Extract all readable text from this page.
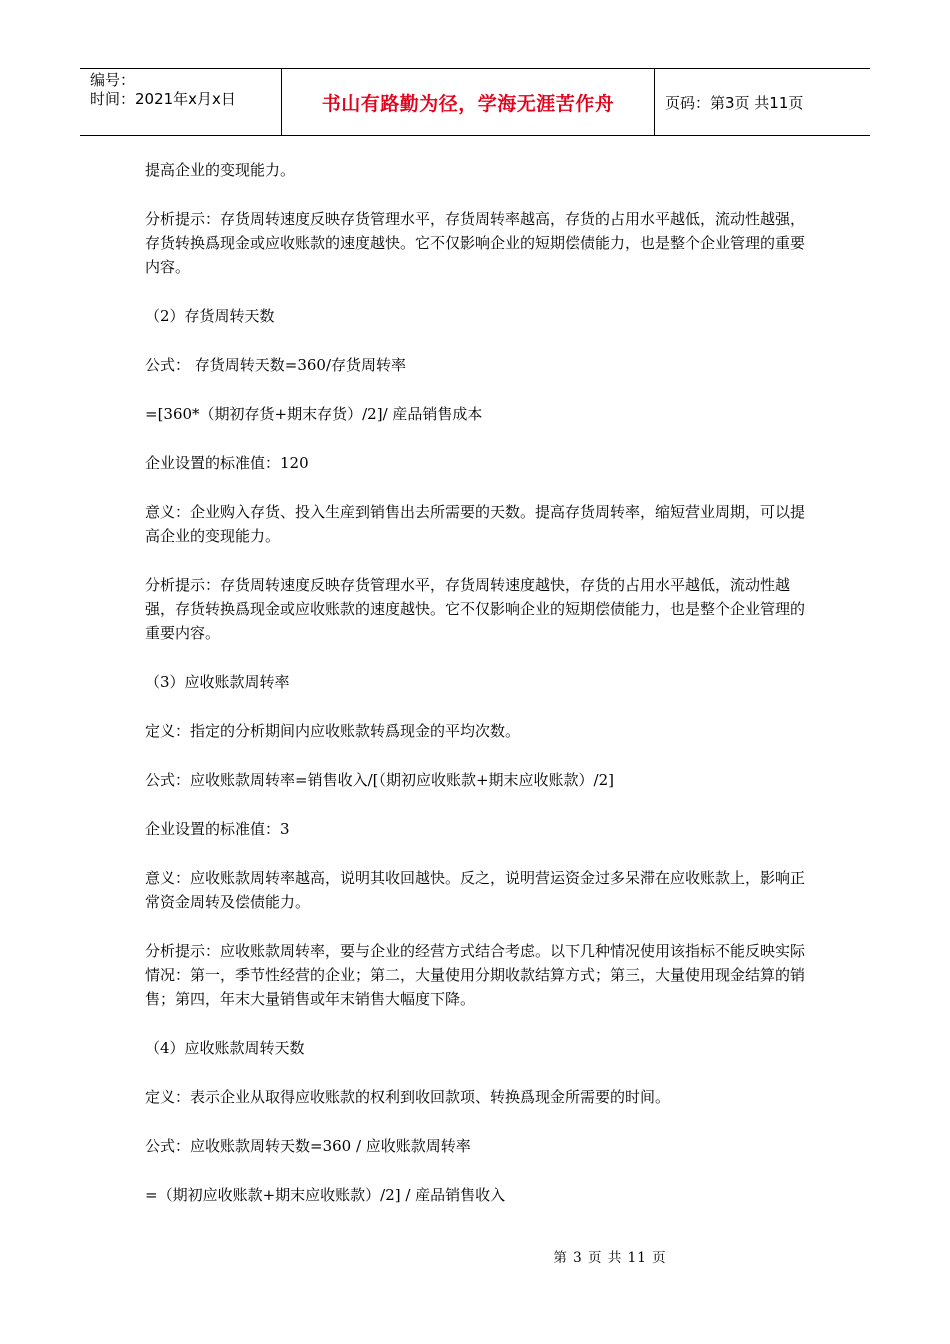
编号：
时间：2021年x月x日	书山有路勤为径，学海无涯苦作舟	页码：第3页 共11页

提高企业的变现能力。

分析提示：存货周转速度反映存货管理水平，存货周转率越高，存货的占用水平越低，流动性越强，存货转换爲现金或应收账款的速度越快。它不仅影响企业的短期偿债能力，也是整个企业管理的重要内容。

（2）存货周转天数

公式： 存货周转天数=360/存货周转率

=[360*（期初存货+期末存货）/2]/ 産品销售成本

企业设置的标准值：120

意义：企业购入存货、投入生産到销售出去所需要的天数。提高存货周转率，缩短营业周期，可以提高企业的变现能力。

分析提示：存货周转速度反映存货管理水平，存货周转速度越快，存货的占用水平越低，流动性越强，存货转换爲现金或应收账款的速度越快。它不仅影响企业的短期偿债能力，也是整个企业管理的重要内容。

（3）应收账款周转率

定义：指定的分析期间内应收账款转爲现金的平均次数。

公式：应收账款周转率=销售收入/[（期初应收账款+期末应收账款）/2]

企业设置的标准值：3

意义：应收账款周转率越高，说明其收回越快。反之，说明营运资金过多呆滞在应收账款上，影响正常资金周转及偿债能力。

分析提示：应收账款周转率，要与企业的经营方式结合考虑。以下几种情况使用该指标不能反映实际情况：第一，季节性经营的企业；第二，大量使用分期收款结算方式；第三，大量使用现金结算的销售；第四，年末大量销售或年末销售大幅度下降。

（4）应收账款周转天数

定义：表示企业从取得应收账款的权利到收回款项、转换爲现金所需要的时间。

公式：应收账款周转天数=360 / 应收账款周转率

=（期初应收账款+期末应收账款）/2] / 産品销售收入

第 3 页 共 11 页
